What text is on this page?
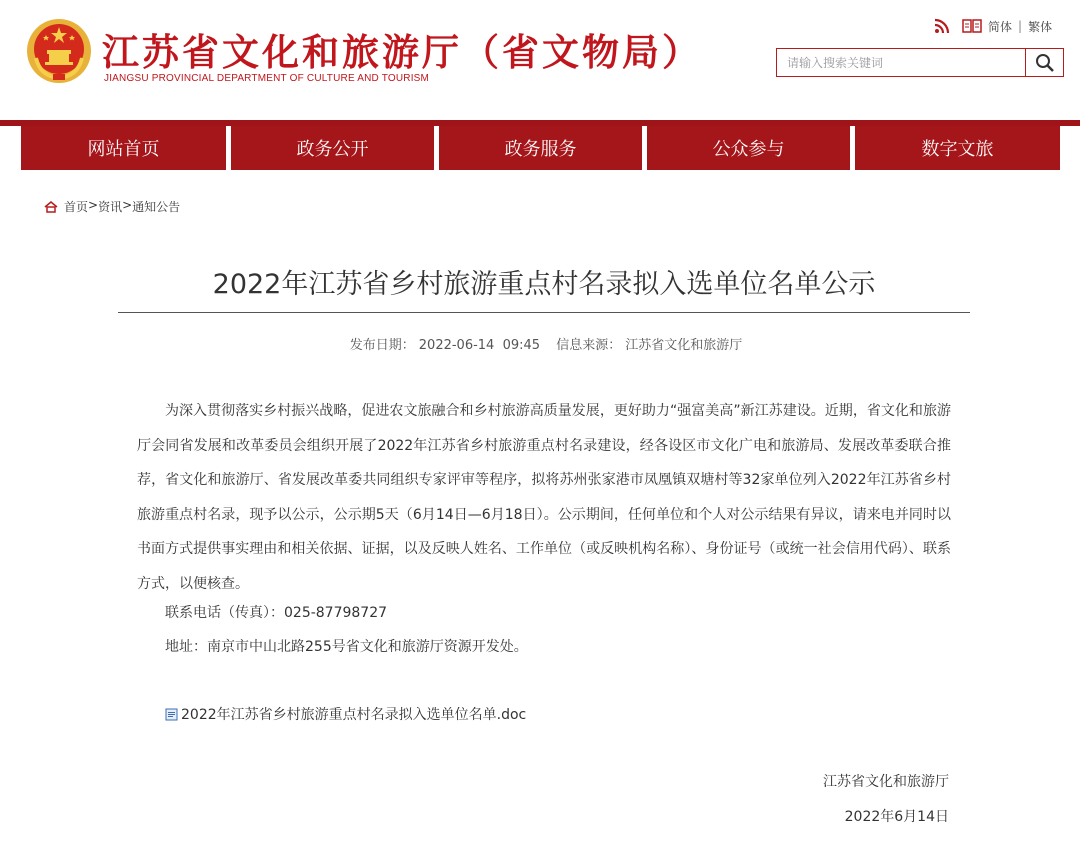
江苏省文化和旅游厅（省文物局）
JIANGSU PROVINCIAL DEPARTMENT OF CULTURE AND TOURISM
简体 | 繁体
请输入搜索关键词
网站首页	政务公开	政务服务	公众参与	数字文旅
首页 > 资讯 > 通知公告
2022年江苏省乡村旅游重点村名录拟入选单位名单公示
发布日期： 2022-06-14  09:45 信息来源： 江苏省文化和旅游厅

为深入贯彻落实乡村振兴战略，促进农文旅融合和乡村旅游高质量发展，更好助力“强富美高”新江苏建设。近期，省文化和旅游厅会同省发展和改革委员会组织开展了2022年江苏省乡村旅游重点村名录建设，经各设区市文化广电和旅游局、发展改革委联合推荐，省文化和旅游厅、省发展改革委共同组织专家评审等程序，拟将苏州张家港市凤凰镇双塘村等32家单位列入2022年江苏省乡村旅游重点村名录，现予以公示，公示期5天（6月14日—6月18日）。公示期间，任何单位和个人对公示结果有异议，请来电并同时以书面方式提供事实理由和相关依据、证据，以及反映人姓名、工作单位（或反映机构名称）、身份证号（或统一社会信用代码）、联系方式，以便核查。

联系电话（传真）：025-87798727
地址：南京市中山北路255号省文化和旅游厅资源开发处。
2022年江苏省乡村旅游重点村名录拟入选单位名单.doc
江苏省文化和旅游厅
2022年6月14日
